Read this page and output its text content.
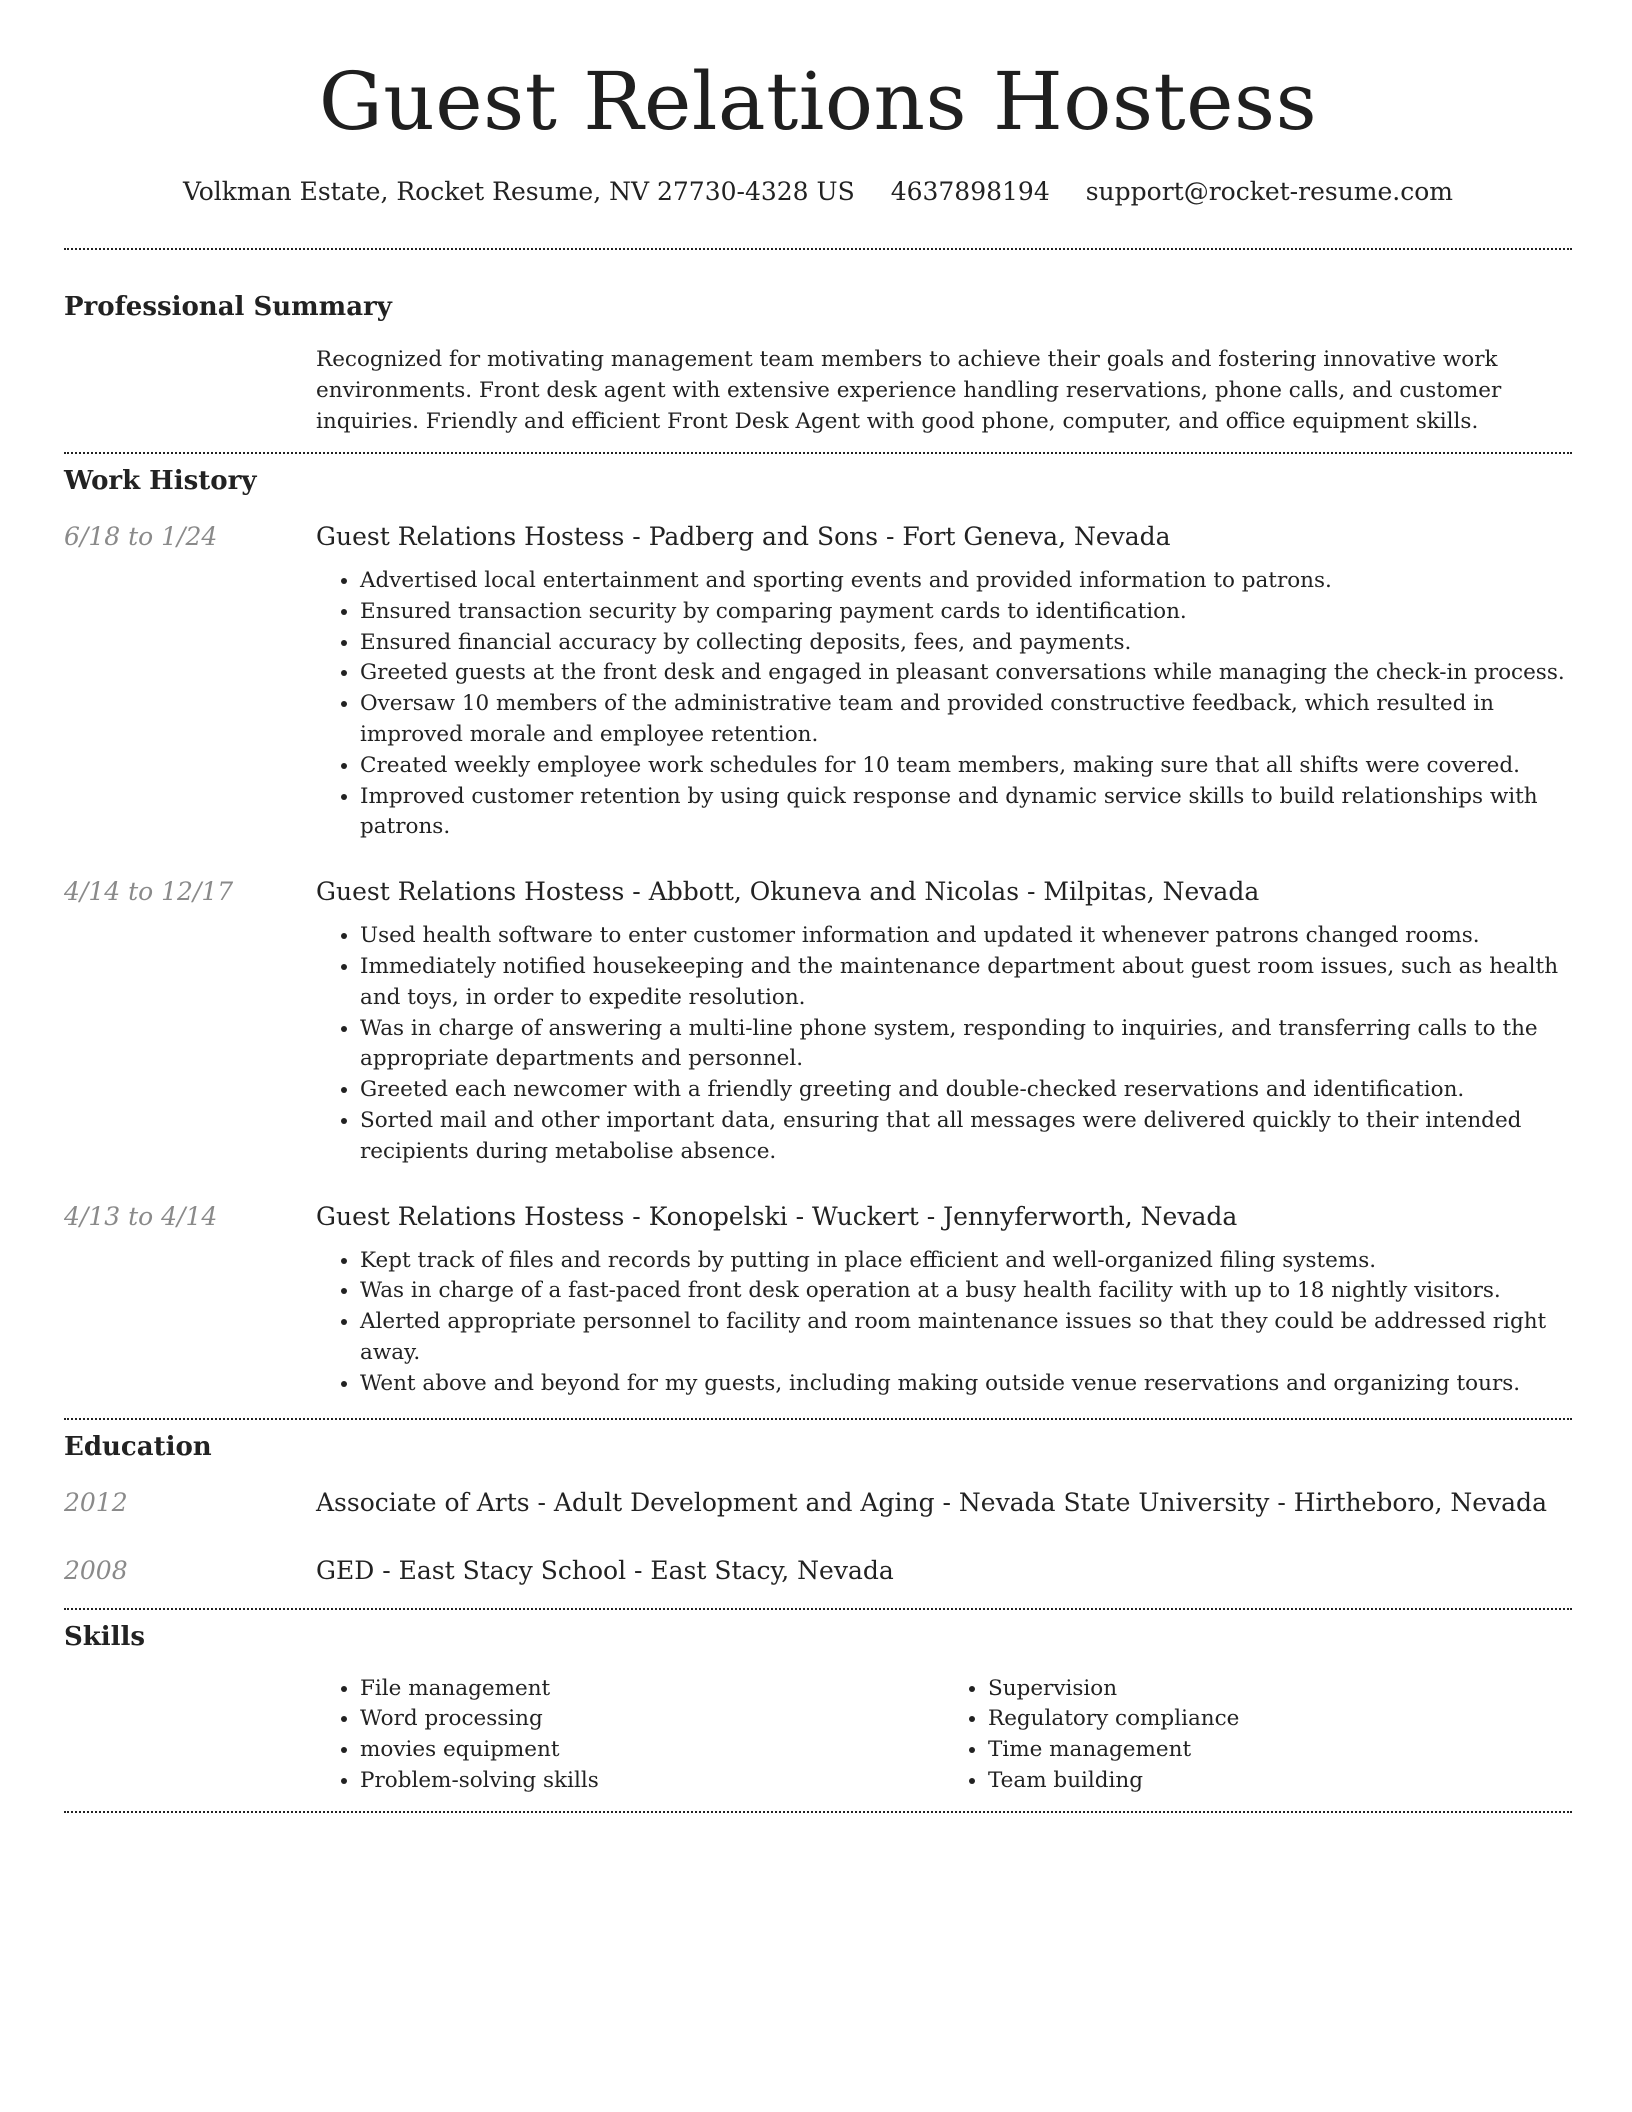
Guest Relations Hostess
Volkman Estate, Rocket Resume, NV 27730-4328 US 4637898194 support@rocket-resume.com
Professional Summary
Recognized for motivating management team members to achieve their goals and fostering innovative work environments. Front desk agent with extensive experience handling reservations, phone calls, and customer inquiries. Friendly and efficient Front Desk Agent with good phone, computer, and office equipment skills.
Work History
6/18 to 1/24	Guest Relations Hostess - Padberg and Sons - Fort Geneva, Nevada
• Advertised local entertainment and sporting events and provided information to patrons.
• Ensured transaction security by comparing payment cards to identification.
• Ensured financial accuracy by collecting deposits, fees, and payments.
• Greeted guests at the front desk and engaged in pleasant conversations while managing the check-in process.
• Oversaw 10 members of the administrative team and provided constructive feedback, which resulted in improved morale and employee retention.
• Created weekly employee work schedules for 10 team members, making sure that all shifts were covered.
• Improved customer retention by using quick response and dynamic service skills to build relationships with patrons.
4/14 to 12/17	Guest Relations Hostess - Abbott, Okuneva and Nicolas - Milpitas, Nevada
• Used health software to enter customer information and updated it whenever patrons changed rooms.
• Immediately notified housekeeping and the maintenance department about guest room issues, such as health and toys, in order to expedite resolution.
• Was in charge of answering a multi-line phone system, responding to inquiries, and transferring calls to the appropriate departments and personnel.
• Greeted each newcomer with a friendly greeting and double-checked reservations and identification.
• Sorted mail and other important data, ensuring that all messages were delivered quickly to their intended recipients during metabolise absence.
4/13 to 4/14	Guest Relations Hostess - Konopelski - Wuckert - Jennyferworth, Nevada
• Kept track of files and records by putting in place efficient and well-organized filing systems.
• Was in charge of a fast-paced front desk operation at a busy health facility with up to 18 nightly visitors.
• Alerted appropriate personnel to facility and room maintenance issues so that they could be addressed right away.
• Went above and beyond for my guests, including making outside venue reservations and organizing tours.
Education
2012	Associate of Arts - Adult Development and Aging - Nevada State University - Hirtheboro, Nevada
2008	GED - East Stacy School - East Stacy, Nevada
Skills
• File management
• Word processing
• movies equipment
• Problem-solving skills
• Supervision
• Regulatory compliance
• Time management
• Team building
